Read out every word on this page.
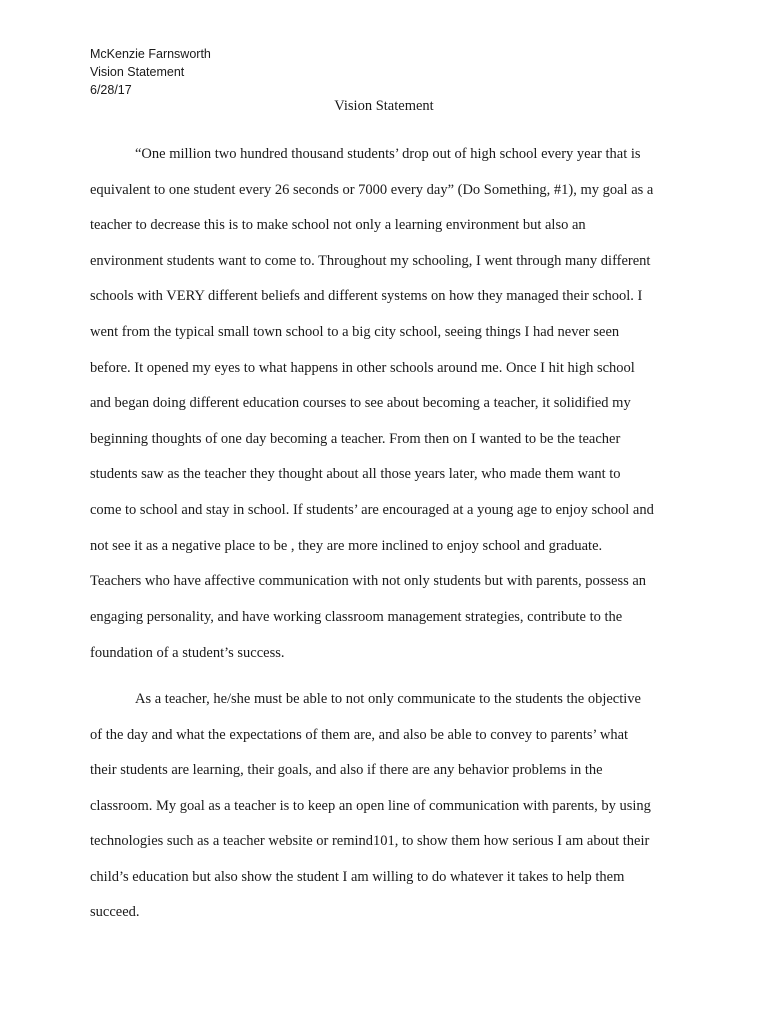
McKenzie Farnsworth
Vision Statement
6/28/17
Vision Statement
“One million two hundred thousand students’ drop out of high school every year that is
equivalent to one student every 26 seconds or 7000 every day” (Do Something, #1), my goal as a
teacher to decrease this is to make school not only a learning environment but also an
environment students want to come to. Throughout my schooling, I went through many different
schools with VERY different beliefs and different systems on how they managed their school. I
went from the typical small town school to a big city school, seeing things I had never seen
before. It opened my eyes to what happens in other schools around me. Once I hit high school
and began doing different education courses to see about becoming a teacher, it solidified my
beginning thoughts of one day becoming a teacher. From then on I wanted to be the teacher
students saw as the teacher they thought about all those years later, who made them want to
come to school and stay in school. If students’ are encouraged at a young age to enjoy school and
not see it as a negative place to be , they are more inclined to enjoy school and graduate.
Teachers who have affective communication with not only students but with parents, possess an
engaging personality, and have working classroom management strategies, contribute to the
foundation of a student’s success.
As a teacher, he/she must be able to not only communicate to the students the objective
of the day and what the expectations of them are, and also be able to convey to parents’ what
their students are learning, their goals, and also if there are any behavior problems in the
classroom. My goal as a teacher is to keep an open line of communication with parents, by using
technologies such as a teacher website or remind101, to show them how serious I am about their
child’s education but also show the student I am willing to do whatever it takes to help them
succeed.
